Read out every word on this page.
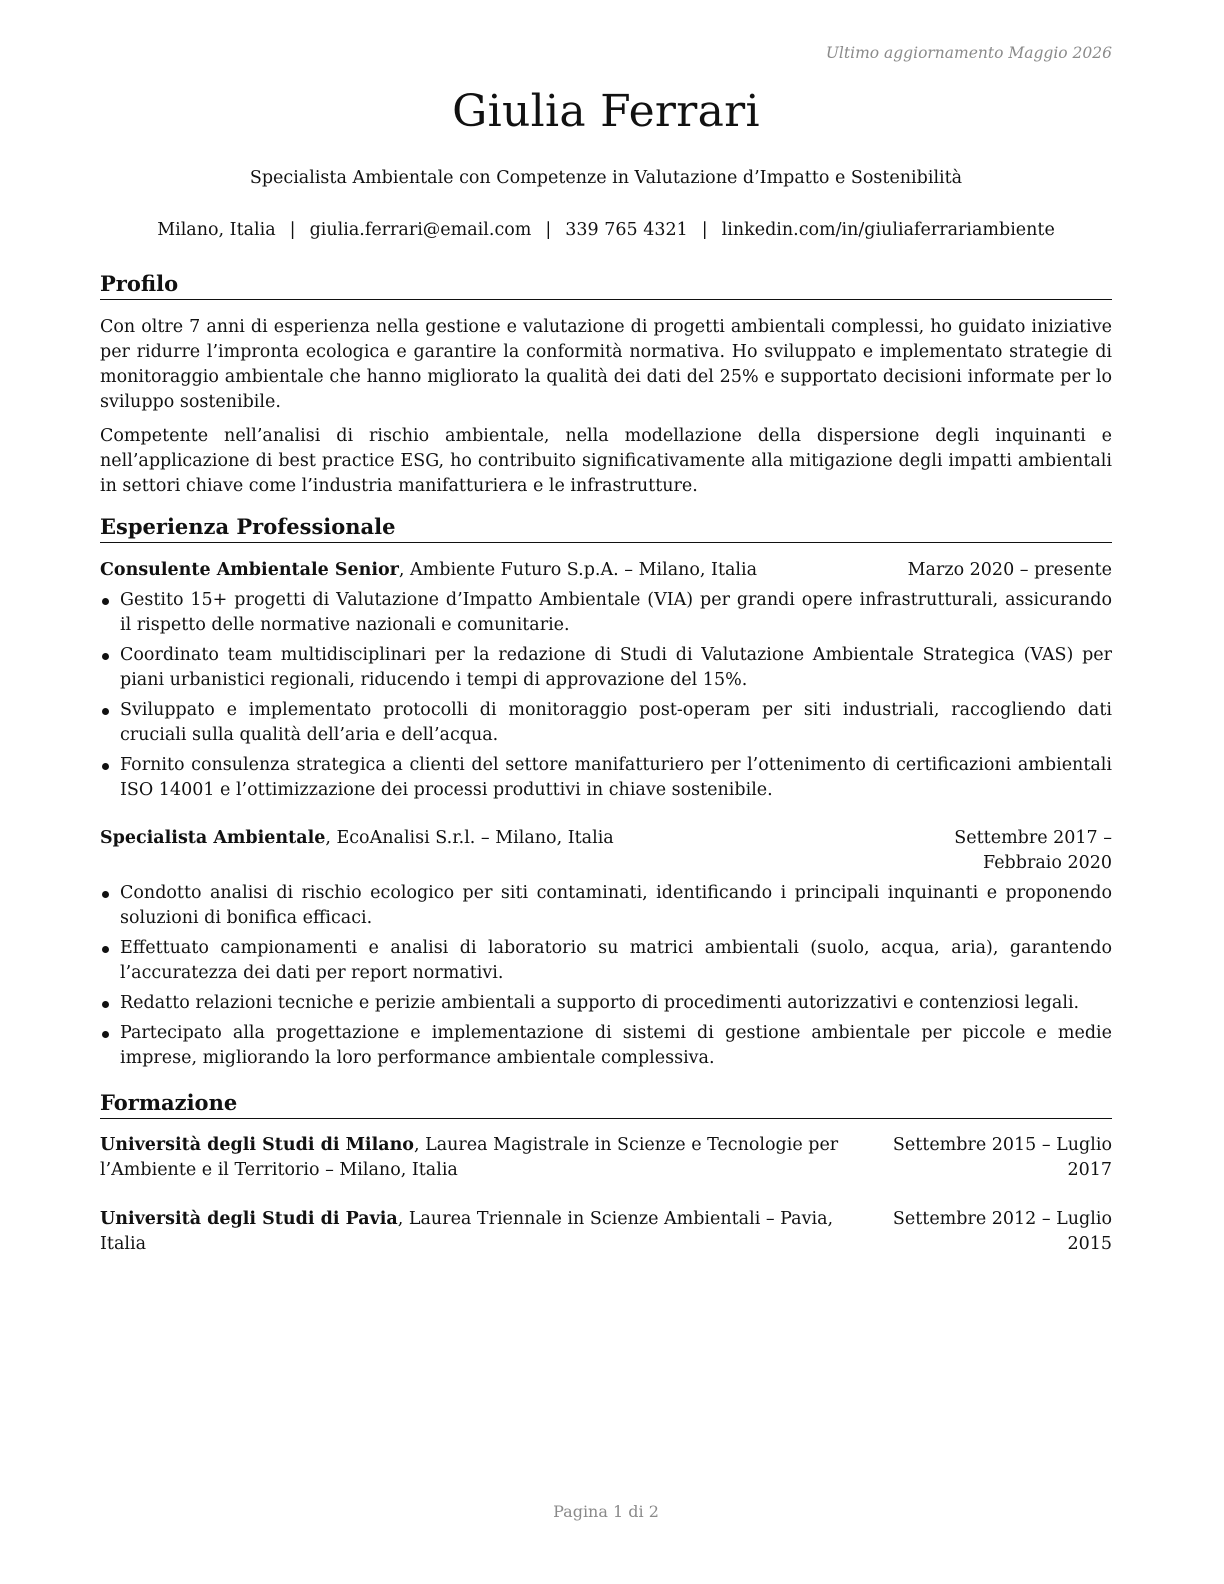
Ultimo aggiornamento Maggio 2026
Giulia Ferrari
Specialista Ambientale con Competenze in Valutazione d’Impatto e Sostenibilità
Milano, Italia | giulia.ferrari@email.com | 339 765 4321 | linkedin.com/in/giuliaferrariambiente
Profilo

Con oltre 7 anni di esperienza nella gestione e valutazione di progetti ambientali complessi, ho guidato iniziative per ridurre l’impronta ecologica e garantire la conformità normativa. Ho sviluppato e implementato strategie di monitoraggio ambientale che hanno migliorato la qualità dei dati del 25% e supportato decisioni informate per lo sviluppo sostenibile.

Competente nell’analisi di rischio ambientale, nella modellazione della dispersione degli inquinanti e nell’applicazione di best practice ESG, ho contribuito significativamente alla mitigazione degli impatti ambientali in settori chiave come l’industria manifatturiera e le infrastrutture.

Esperienza Professionale
Consulente Ambientale Senior, Ambiente Futuro S.p.A. – Milano, Italia	Marzo 2020 – presente
Gestito 15+ progetti di Valutazione d’Impatto Ambientale (VIA) per grandi opere infrastrutturali, assicurando il rispetto delle normative nazionali e comunitarie.
Coordinato team multidisciplinari per la redazione di Studi di Valutazione Ambientale Strategica (VAS) per piani urbanistici regionali, riducendo i tempi di approvazione del 15%.
Sviluppato e implementato protocolli di monitoraggio post-operam per siti industriali, raccogliendo dati cruciali sulla qualità dell’aria e dell’acqua.
Fornito consulenza strategica a clienti del settore manifatturiero per l’ottenimento di certificazioni ambientali ISO 14001 e l’ottimizzazione dei processi produttivi in chiave sostenibile.
Specialista Ambientale, EcoAnalisi S.r.l. – Milano, Italia	Settembre 2017 – Febbraio 2020
Condotto analisi di rischio ecologico per siti contaminati, identificando i principali inquinanti e proponendo soluzioni di bonifica efficaci.
Effettuato campionamenti e analisi di laboratorio su matrici ambientali (suolo, acqua, aria), garantendo l’accuratezza dei dati per report normativi.
Redatto relazioni tecniche e perizie ambientali a supporto di procedimenti autorizzativi e contenziosi legali.
Partecipato alla progettazione e implementazione di sistemi di gestione ambientale per piccole e medie imprese, migliorando la loro performance ambientale complessiva.
Formazione
Università degli Studi di Milano, Laurea Magistrale in Scienze e Tecnologie per l’Ambiente e il Territorio – Milano, Italia
Settembre 2015 – Luglio 2017
Università degli Studi di Pavia, Laurea Triennale in Scienze Ambientali – Pavia, Italia
Settembre 2012 – Luglio 2015
Pagina 1 di 2
